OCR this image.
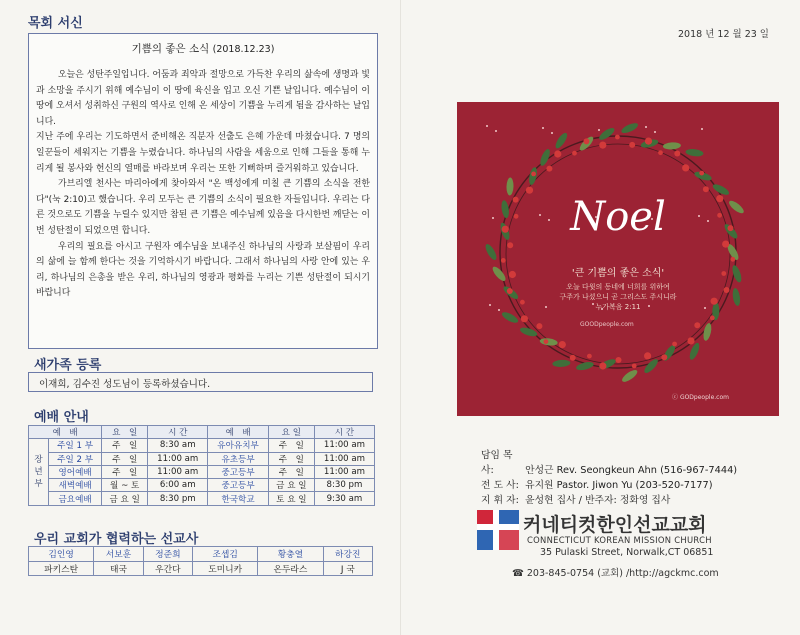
목회 서신
기쁨의 좋은 소식 (2018.12.23)

오늘은 성탄주일입니다. 어둠과 죄악과 절망으로 가득찬 우리의 삶속에 생명과 빛과 소망을 주시기 위해 예수님이 이 땅에 육신을 입고 오신 기쁜 날입니다. 예수님이 이 땅에 오셔서 성취하신 구원의 역사로 인해 온 세상이 기쁨을 누리게 됨을 감사하는 날입니다.

지난 주에 우리는 기도하면서 준비해온 직분자 선출도 은혜 가운데 마쳤습니다. 7 명의 일꾼들이 세워지는 기쁨을 누렸습니다. 하나님의 사람을 세움으로 인해 그들을 통해 누리게 될 봉사와 헌신의 열매를 바라보며 우리는 또한 기뻐하며 즐거워하고 있습니다.

가브리엘 천사는 마리아에게 찾아와서 "온 백성에게 미칠 큰 기쁨의 소식을 전한다"(눅 2:10)고 했습니다. 우리 모두는 큰 기쁨의 소식이 필요한 자들입니다. 우리는 다른 것으로도 기쁨을 누릴수 있지만 참된 큰 기쁨은 예수님께 있음을 다시한번 깨닫는 이번 성탄절이 되었으면 합니다.

우리의 필요를 아시고 구원자 예수님을 보내주신 하나님의 사랑과 보살핌이 우리의 삶에 늘 함께 한다는 것을 기억하시기 바랍니다. 그래서 하나님의 사랑 안에 있는 우리, 하나님의 은총을 받은 우리, 하나님의 영광과 평화를 누리는 기쁜 성탄절이 되시기 바랍니다

새가족 등록
이재희, 김수진 성도님이 등록하셨습니다.
예배 안내
예　배		요　일	시 간	예　배	요 일	시 간

장
년
부	주일 1 부	주　일	8:30 am	유아유치부	주　일	11:00 am
	주일 2 부	주　일	11:00 am	유초등부	주　일	11:00 am
	영어예배	주　일	11:00 am	중고등부	주　일	11:00 am
	새벽예배	월 ~ 토	6:00 am	중고등부	금 요 일	8:30 pm
	금요예배	금 요 일	8:30 pm	한국학교	토 요 일	9:30 am
우리 교회가 협력하는 선교사
김인영	서보훈	정준희	조셉김	황충열	하강진
파키스탄	태국	우간다	도미니카	온두라스	J 국
2018 년 12 월 23 일
Noel
'큰 기쁨의 좋은 소식'
오늘 다윗의 동네에 너희를 위하여
구주가 나셨으니 곧 그리스도 주시니라
누가복음 2:11
GOODpeople.com
ⓒ GODpeople.com
담임 목사:	안성근 Rev. Seongkeun Ahn (516-967-7444)
전 도 사: 유지원 Pastor. Jiwon Yu (203-520-7177)
지 휘 자: 윤성현 집사 / 반주자: 정화영 집사
커네티컷한인선교교회
CONNECTICUT KOREAN MISSION CHURCH
35 Pulaski Street, Norwalk,CT 06851
☎ 203-845-0754 (교회) /http://agckmc.com
